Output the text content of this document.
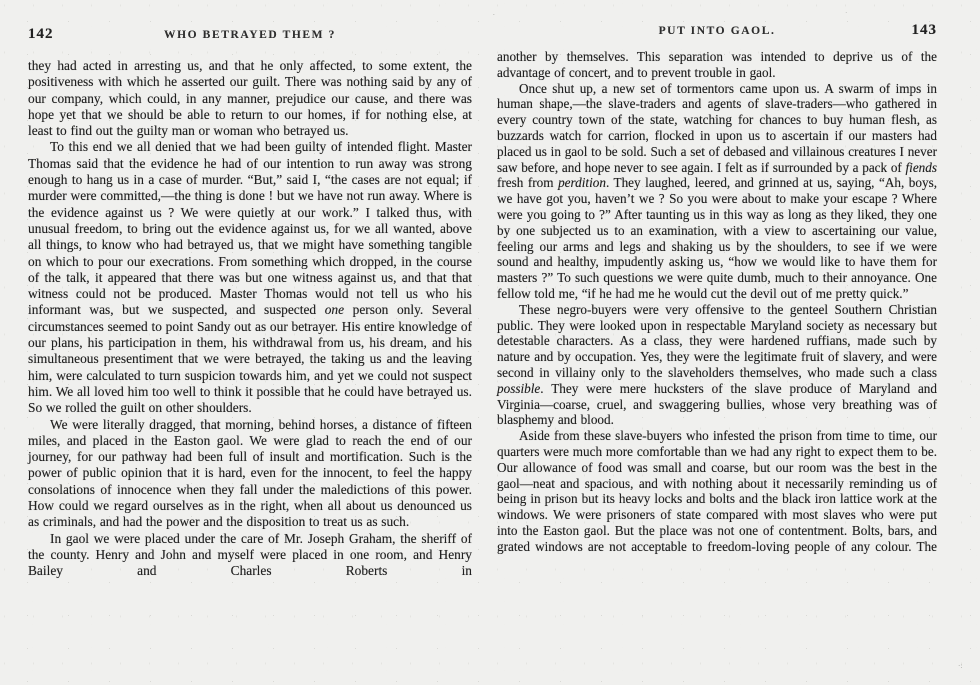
142	WHO BETRAYED THEM ?

they had acted in arresting us, and that he only affected, to some extent, the positiveness with which he asserted our guilt. There was nothing said by any of our company, which could, in any manner, prejudice our cause, and there was hope yet that we should be able to return to our homes, if for nothing else, at least to find out the guilty man or woman who betrayed us.

To this end we all denied that we had been guilty of intended flight. Master Thomas said that the evidence he had of our intention to run away was strong enough to hang us in a case of murder. “But,” said I, “the cases are not equal; if murder were committed,—the thing is done ! but we have not run away. Where is the evidence against us ? We were quietly at our work.” I talked thus, with unusual freedom, to bring out the evidence against us, for we all wanted, above all things, to know who had betrayed us, that we might have something tangible on which to pour our execrations. From something which dropped, in the course of the talk, it appeared that there was but one witness against us, and that that witness could not be produced. Master Thomas would not tell us who his informant was, but we suspected, and suspected one person only. Several circumstances seemed to point Sandy out as our betrayer. His entire knowledge of our plans, his participation in them, his withdrawal from us, his dream, and his simultaneous presentiment that we were betrayed, the taking us and the leaving him, were calculated to turn suspicion towards him, and yet we could not suspect him. We all loved him too well to think it possible that he could have betrayed us. So we rolled the guilt on other shoulders.

We were literally dragged, that morning, behind horses, a distance of fifteen miles, and placed in the Easton gaol. We were glad to reach the end of our journey, for our pathway had been full of insult and mortification. Such is the power of public opinion that it is hard, even for the innocent, to feel the happy consolations of innocence when they fall under the maledictions of this power. How could we regard ourselves as in the right, when all about us denounced us as criminals, and had the power and the disposition to treat us as such.

In gaol we were placed under the care of Mr. Joseph Graham, the sheriff of the county. Henry and John and myself were placed in one room, and Henry Bailey and Charles Roberts in

PUT INTO GAOL.	143

another by themselves. This separation was intended to deprive us of the advantage of concert, and to prevent trouble in gaol.

Once shut up, a new set of tormentors came upon us. A swarm of imps in human shape,—the slave-traders and agents of slave-traders—who gathered in every country town of the state, watching for chances to buy human flesh, as buzzards watch for carrion, flocked in upon us to ascertain if our masters had placed us in gaol to be sold. Such a set of debased and villainous creatures I never saw before, and hope never to see again. I felt as if surrounded by a pack of fiends fresh from perdition. They laughed, leered, and grinned at us, saying, “Ah, boys, we have got you, haven’t we ? So you were about to make your escape ? Where were you going to ?” After taunting us in this way as long as they liked, they one by one subjected us to an examination, with a view to ascertaining our value, feeling our arms and legs and shaking us by the shoulders, to see if we were sound and healthy, impudently asking us, “how we would like to have them for masters ?” To such questions we were quite dumb, much to their annoyance. One fellow told me, “if he had me he would cut the devil out of me pretty quick.”

These negro-buyers were very offensive to the genteel Southern Christian public. They were looked upon in respectable Maryland society as necessary but detestable characters. As a class, they were hardened ruffians, made such by nature and by occupation. Yes, they were the legitimate fruit of slavery, and were second in villainy only to the slaveholders themselves, who made such a class possible. They were mere hucksters of the slave produce of Maryland and Virginia—coarse, cruel, and swaggering bullies, whose very breathing was of blasphemy and blood.

Aside from these slave-buyers who infested the prison from time to time, our quarters were much more comfortable than we had any right to expect them to be. Our allowance of food was small and coarse, but our room was the best in the gaol—neat and spacious, and with nothing about it necessarily reminding us of being in prison but its heavy locks and bolts and the black iron lattice work at the windows. We were prisoners of state compared with most slaves who were put into the Easton gaol. But the place was not one of contentment. Bolts, bars, and grated windows are not acceptable to freedom-loving people of any colour. The

˙
·:
.
